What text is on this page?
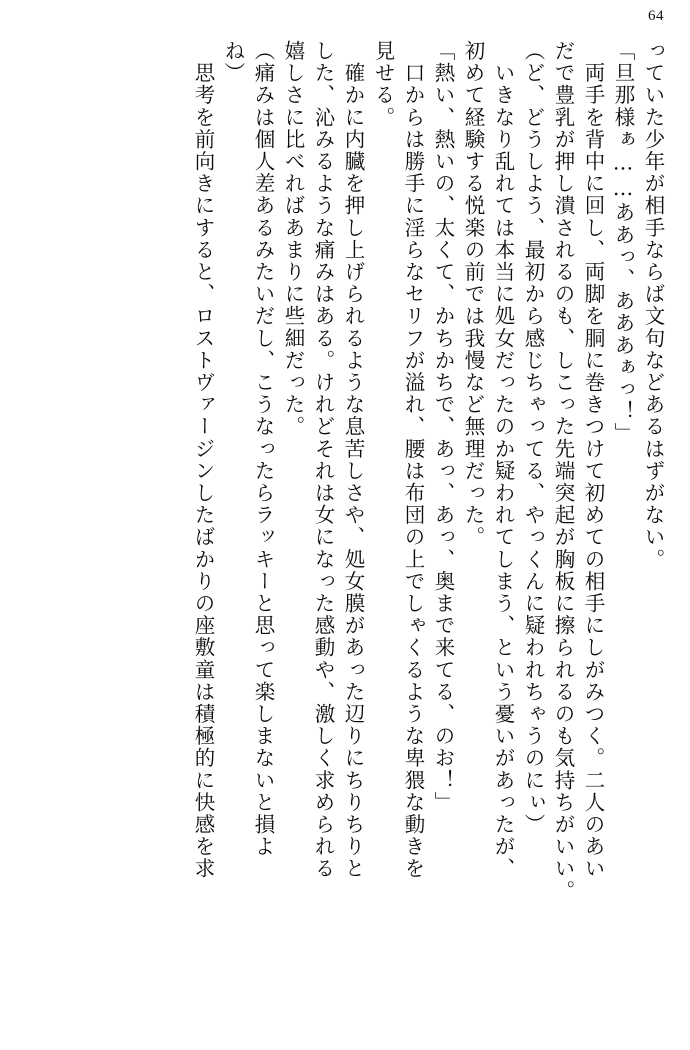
64
っていた少年が相手ならば文句などあるはずがない。
「旦那様ぁ……ああっ、あああぁっ！」
　両手を背中に回し、両脚を胴に巻きつけて初めての相手にしがみつく。二人のあい
だで豊乳が押し潰されるのも、しこった先端突起が胸板に擦られるのも気持ちがいい。
（ど、どうしよう、最初から感じちゃってる、やっくんに疑われちゃうのにぃ）
　いきなり乱れては本当に処女だったのか疑われてしまう、という憂いがあったが、
初めて経験する悦楽の前では我慢など無理だった。
「熱い、熱いの、太くて、かちかちで、あっ、あっ、奥まで来てる、のお！」
　口からは勝手に淫らなセリフが溢れ、腰は布団の上でしゃくるような卑猥な動きを
見せる。
　確かに内臓を押し上げられるような息苦しさや、処女膜があった辺りにちりちりと
した、沁みるような痛みはある。けれどそれは女になった感動や、激しく求められる
嬉しさに比べればあまりに些細だった。
（痛みは個人差あるみたいだし、こうなったらラッキーと思って楽しまないと損よ
ね）
　思考を前向きにすると、ロストヴァージンしたばかりの座敷童は積極的に快感を求
